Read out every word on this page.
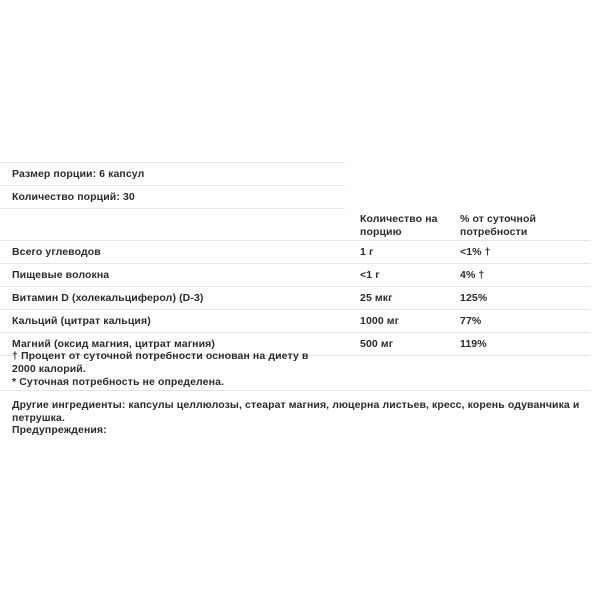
Размер порции: 6 капсул
Количество порций: 30
	Количество на порцию	% от суточной потребности
Всего углеводов	1 г	<1% †
Пищевые волокна	<1 г	4% †
Витамин D (холекальциферол) (D-3)	25 мкг	125%
Кальций (цитрат кальция)	1000 мг	77%
Магний (оксид магния, цитрат магния)	500 мг	119%

† Процент от суточной потребности основан на диету в 2000 калорий.

* Суточная потребность не определена.

Другие ингредиенты: капсулы целлюлозы, стеарат магния, люцерна листьев, кресс, корень одуванчика и петрушка.
Предупреждения:
